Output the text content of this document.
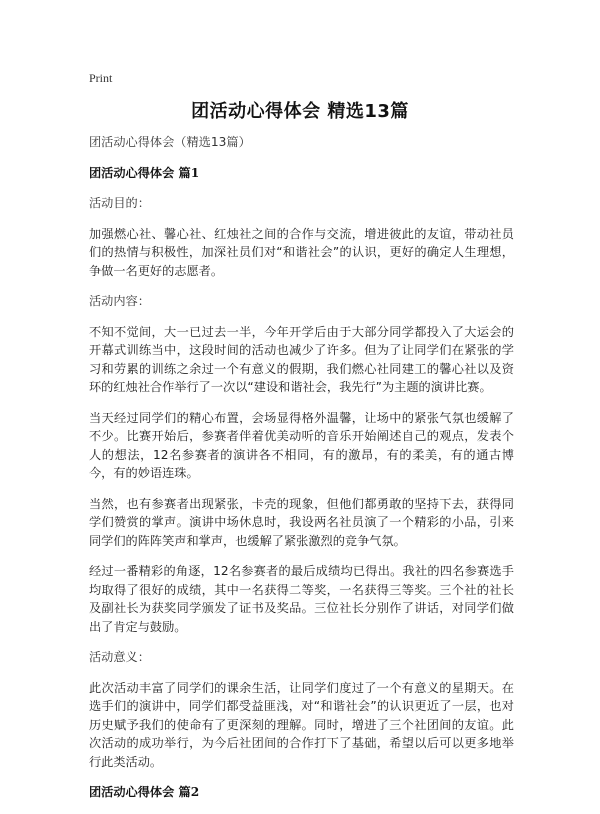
Print
团活动心得体会 精选13篇

团活动心得体会（精选13篇）

团活动心得体会 篇1

活动目的：

加强燃心社、馨心社、红烛社之间的合作与交流，增进彼此的友谊，带动社员们的热情与积极性，加深社员们对“和谐社会”的认识，更好的确定人生理想，争做一名更好的志愿者。

活动内容：

不知不觉间，大一已过去一半，今年开学后由于大部分同学都投入了大运会的开幕式训练当中，这段时间的活动也减少了许多。但为了让同学们在紧张的学习和劳累的训练之余过一个有意义的假期，我们燃心社同建工的馨心社以及资环的红烛社合作举行了一次以“建设和谐社会，我先行”为主题的演讲比赛。

当天经过同学们的精心布置，会场显得格外温馨，让场中的紧张气氛也缓解了不少。比赛开始后，参赛者伴着优美动听的音乐开始阐述自己的观点，发表个人的想法，12名参赛者的演讲各不相同，有的激昂，有的柔美，有的通古博今，有的妙语连珠。

当然，也有参赛者出现紧张，卡壳的现象，但他们都勇敢的坚持下去，获得同学们赞赏的掌声。演讲中场休息时，我设两名社员演了一个精彩的小品，引来同学们的阵阵笑声和掌声，也缓解了紧张激烈的竞争气氛。

经过一番精彩的角逐，12名参赛者的最后成绩均已得出。我社的四名参赛选手均取得了很好的成绩，其中一名获得二等奖，一名获得三等奖。三个社的社长及副社长为获奖同学颁发了证书及奖品。三位社长分别作了讲话，对同学们做出了肯定与鼓励。

活动意义：

此次活动丰富了同学们的课余生活，让同学们度过了一个有意义的星期天。在选手们的演讲中，同学们都受益匪浅，对“和谐社会”的认识更近了一层，也对历史赋予我们的使命有了更深刻的理解。同时，增进了三个社团间的友谊。此次活动的成功举行，为今后社团间的合作打下了基础，希望以后可以更多地举行此类活动。

团活动心得体会 篇2
